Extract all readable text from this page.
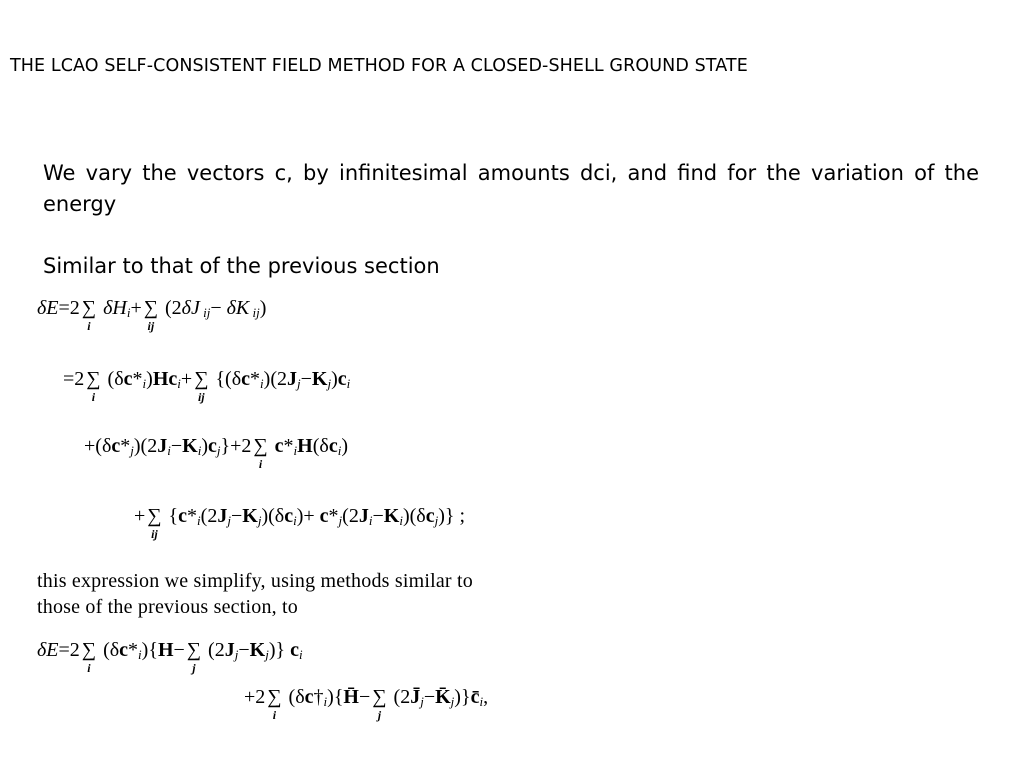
THE LCAO SELF-CONSISTENT FIELD METHOD FOR A CLOSED-SHELL GROUND STATE
We vary the vectors c, by infinitesimal amounts dci, and find for the variation of the energy
Similar to that of the previous section
δE=2 ∑
i
δHi+ ∑
ij
(2δJ ij− δK ij)
=2 ∑
i
(δc*i)Hci+ ∑
ij
{(δc*i)(2Jj−Kj)ci
+(δc*j)(2Ji−Ki)cj}+2 ∑
i
c*iH(δci)
+ ∑
ij
{c*i(2Jj−Kj)(δci)+ c*j(2Ji−Ki)(δcj)} ;
this expression we simplify, using methods similar to
those of the previous section, to
δE=2 ∑
i
(δc*i){H− ∑
j
(2Jj−Kj)} ci
+2 ∑
i
(δc†i){H̄− ∑
j
(2J̄j−K̄j)}c̄i,
